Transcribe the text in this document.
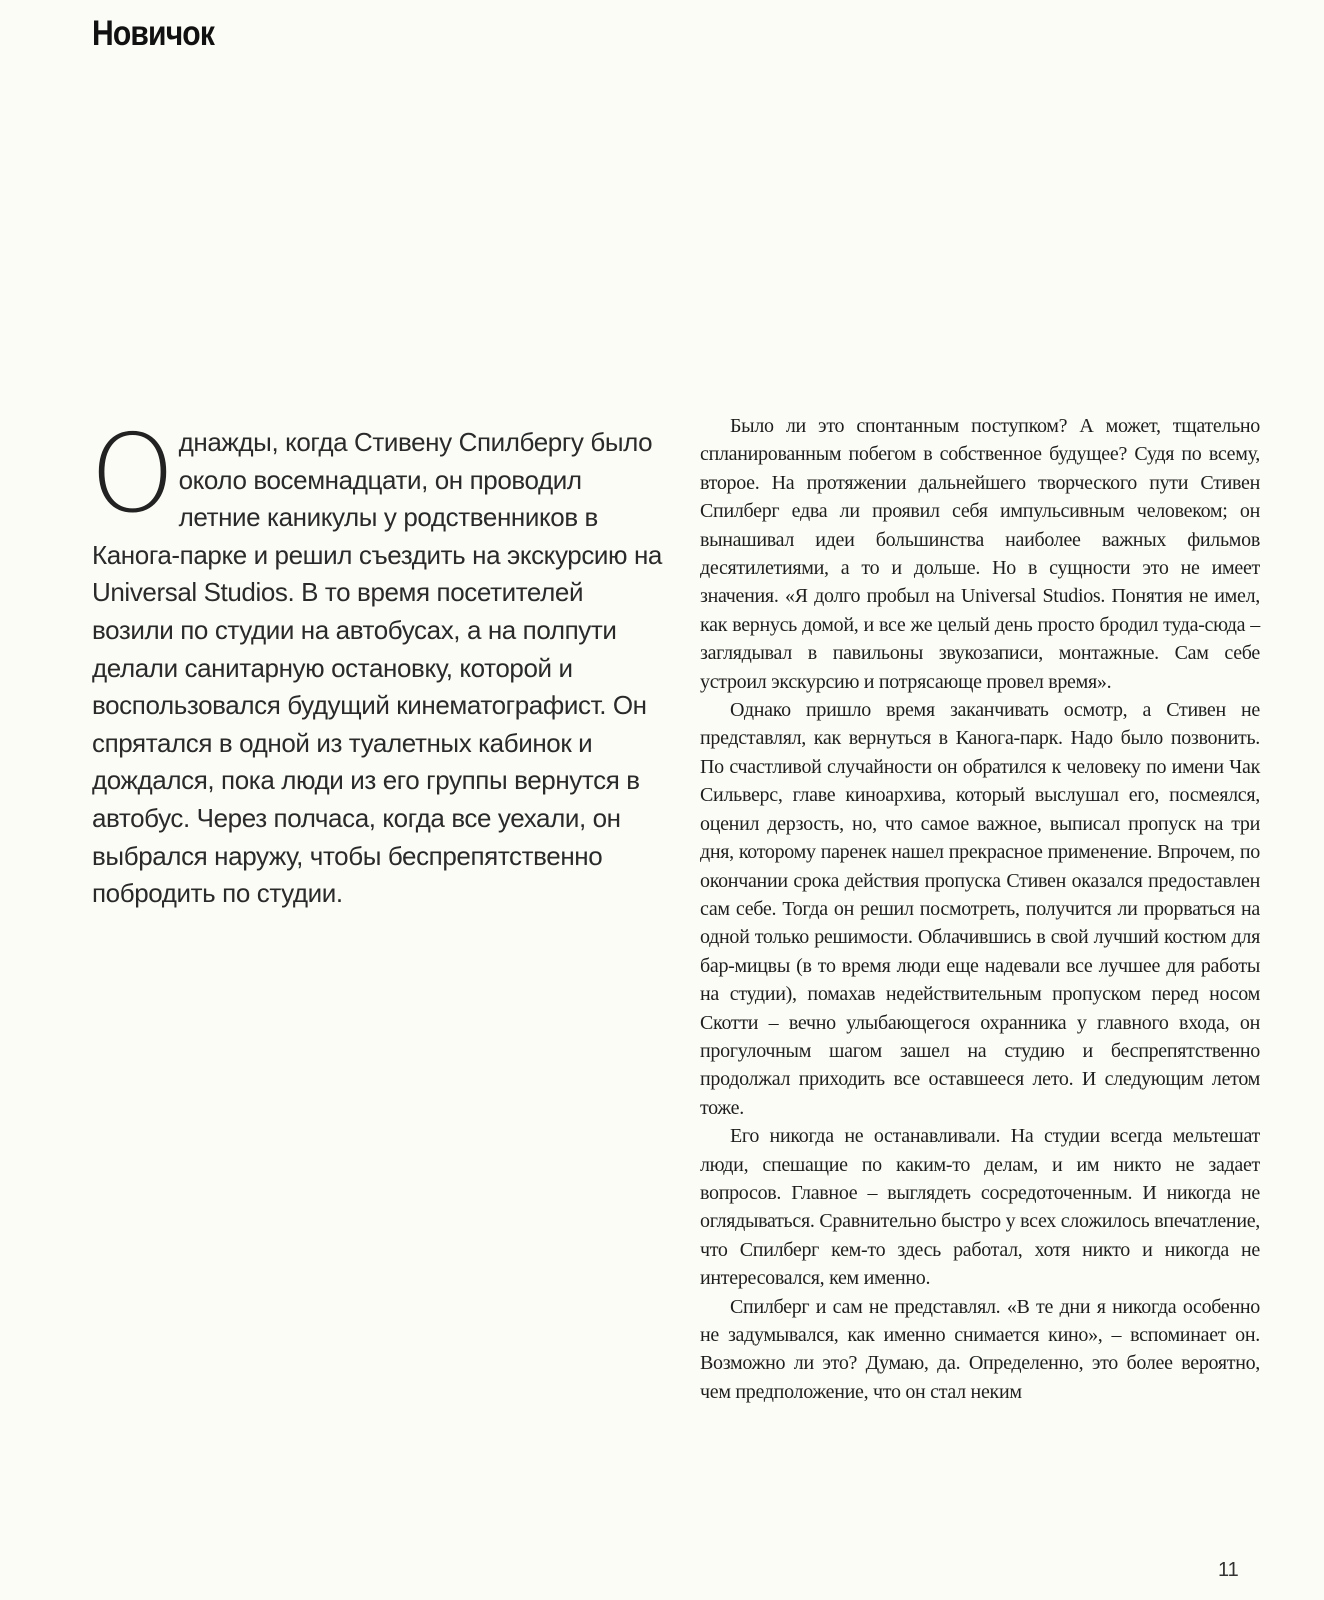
Новичок

Однажды, когда Стивену Спилбергу было около восемнадцати, он проводил летние каникулы у родственников в Канога-парке и решил съездить на экскурсию на Universal Studios. В то время посетителей возили по студии на автобусах, а на полпути делали санитарную остановку, которой и воспользовался будущий кинематографист. Он спрятался в одной из туалетных кабинок и дождался, пока люди из его группы вернутся в автобус. Через полчаса, когда все уехали, он выбрался наружу, чтобы беспрепятственно побродить по студии.

Было ли это спонтанным поступком? А может, тщательно спланированным побегом в собственное будущее? Судя по всему, второе. На протяжении дальнейшего творческого пути Стивен Спилберг едва ли проявил себя импульсивным человеком; он вынашивал идеи большинства наиболее важных фильмов десятилетиями, а то и дольше. Но в сущности это не имеет значения. «Я долго пробыл на Universal Studios. Понятия не имел, как вернусь домой, и все же целый день просто бродил туда-сюда – заглядывал в павильоны звукозаписи, монтажные. Сам себе устроил экскурсию и потрясающе провел время».

Однако пришло время заканчивать осмотр, а Стивен не представлял, как вернуться в Канога-парк. Надо было позвонить. По счастливой случайности он обратился к человеку по имени Чак Сильверс, главе киноархива, который выслушал его, посмеялся, оценил дерзость, но, что самое важное, выписал пропуск на три дня, которому паренек нашел прекрасное применение. Впрочем, по окончании срока действия пропуска Стивен оказался предоставлен сам себе. Тогда он решил посмотреть, получится ли прорваться на одной только решимости. Облачившись в свой лучший костюм для бар-мицвы (в то время люди еще надевали все лучшее для работы на студии), помахав недействительным пропуском перед носом Скотти – вечно улыбающегося охранника у главного входа, он прогулочным шагом зашел на студию и беспрепятственно продолжал приходить все оставшееся лето. И следующим летом тоже.

Его никогда не останавливали. На студии всегда мельтешат люди, спешащие по каким-то делам, и им никто не задает вопросов. Главное – выглядеть сосредоточенным. И никогда не оглядываться. Сравнительно быстро у всех сложилось впечатление, что Спилберг кем-то здесь работал, хотя никто и никогда не интересовался, кем именно.

Спилберг и сам не представлял. «В те дни я никогда особенно не задумывался, как именно снимается кино», – вспоминает он. Возможно ли это? Думаю, да. Определенно, это более вероятно, чем предположение, что он стал неким

11
